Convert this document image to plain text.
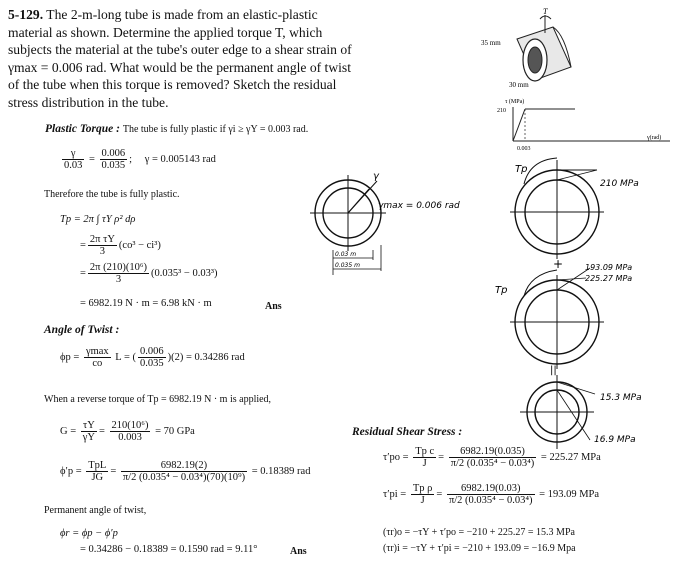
5-129. The 2-m-long tube is made from an elastic-plastic material as shown. Determine the applied torque T, which subjects the material at the tube's outer edge to a shear strain of γmax = 0.006 rad. What would be the permanent angle of twist of the tube when this torque is removed? Sketch the residual stress distribution in the tube.
T
35 mm
30 mm
τ (MPa)
210
0.003
γ(rad)
Plastic Torque : The tube is fully plastic if γi ≥ γY = 0.003 rad.
$\frac{\gamma}{0.03} = \frac{0.006}{0.035}$ ; γ = 0.005143 rad
Therefore the tube is fully plastic.
Tp = 2π ∫ τY ρ² dρ
= $\frac{\text{2π τY}}{3} (co^3 - ci^3)$
= $\frac{\text{2π (210)(10⁶)}}{3} (0.035^3 - 0.03^3)$
= 6982.19 N · m = 6.98 kN · m	Ans
Angle of Twist :
$\phi p = \frac{\gamma\max}{co}$ L = ( $\frac{0.006}{0.035} )(2) = 0.34286$ rad
When a reverse torque of Tp = 6982.19 N · m is applied,
$G = \frac{\tau Y}{\gamma Y} = \frac{\text{210(10⁶)}}{0.003} = 70$ GPa
$\phi'p = \frac{\text{TpL}}{JG} = \frac{6982.19(2)}{\text{π/2 (0.035⁴ − 0.03⁴)(70)(10⁹)}} = 0.18389$ rad
Permanent angle of twist,
ϕr = ϕp − ϕ′p
= 0.34286 − 0.18389 = 0.1590 rad = 9.11°	Ans
γ
γmax = 0.006 rad
0.03 m
0.035 m
Tp
210 MPa
+	193.09 MPa
225.27 MPa
Tp
||
15.3 MPa
16.9 MPa
Residual Shear Stress :
$\tau'po = \frac{\text{Tp c}}{J} = \frac{6982.19(0.035)}{\text{π/2 (0.035⁴ − 0.03⁴)}} = 225.27$ MPa
$\tau'pi = \frac{\text{Tp ρ}}{J} = \frac{6982.19(0.03)}{\text{π/2 (0.035⁴ − 0.03⁴)}} = 193.09$ MPa
(τr)o = −τY + τ′po = −210 + 225.27 = 15.3 MPa
(τr)i = −τY + τ′pi = −210 + 193.09 = −16.9 Mpa
